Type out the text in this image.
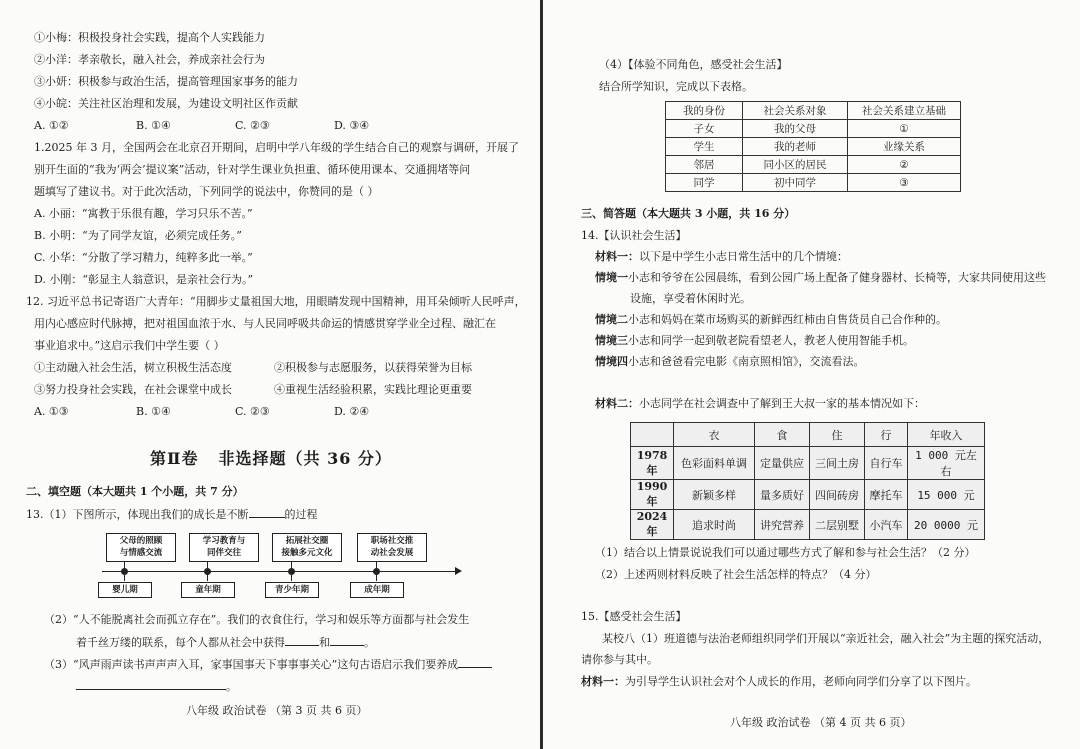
①小梅：积极投身社会实践，提高个人实践能力
②小洋：孝亲敬长，融入社会，养成亲社会行为
③小妍：积极参与政治生活，提高管理国家事务的能力
④小皖：关注社区治理和发展，为建设文明社区作贡献
A. ①②	B. ①④	C. ②③	D. ③④
1.2025 年 3 月，全国两会在北京召开期间，启明中学八年级的学生结合自己的观察与调研，开展了
别开生面的“我为‘两会’提议案”活动，针对学生课业负担重、循环使用课本、交通拥堵等问
题填写了建议书。对于此次活动，下列同学的说法中，你赞同的是（ ）
A. 小丽：“寓教于乐很有趣，学习只乐不苦。”
B. 小明：“为了同学友谊，必须完成任务。”
C. 小华：“分散了学习精力，纯粹多此一举。”
D. 小刚：“彰显主人翁意识，是亲社会行为。”
12. 习近平总书记寄语广大青年：“用脚步丈量祖国大地，用眼睛发现中国精神，用耳朵倾听人民呼声，
用内心感应时代脉搏，把对祖国血浓于水、与人民同呼吸共命运的情感贯穿学业全过程、融汇在
事业追求中。”这启示我们中学生要（ ）
①主动融入社会生活，树立积极生活态度	②积极参与志愿服务，以获得荣誉为目标
③努力投身社会实践，在社会课堂中成长	④重视生活经验积累，实践比理论更重要
A. ①③	B. ①④	C. ②③	D. ②④
第Ⅱ卷 非选择题（共 36 分）
二、填空题（本大题共 1 个小题，共 7 分）
13.（1）下图所示，体现出我们的成长是不断	的过程
父母的照顾
与情感交流
学习教育与
同伴交往
拓展社交圈
接触多元文化
职场社交推
动社会发展
婴儿期	童年期	青少年期	成年期
（2）“人不能脱离社会而孤立存在”。我们的衣食住行，学习和娱乐等方面都与社会发生
着千丝万缕的联系，每个人都从社会中获得	和	。
（3）“风声雨声读书声声声入耳，家事国事天下事事事关心”这句古语启示我们要养成
。
八年级 政治试卷 （第 3 页 共 6 页）
（4）【体验不同角色，感受社会生活】
结合所学知识，完成以下表格。
我的身份	社会关系对象	社会关系建立基础
子女	我的父母	①
学生	我的老师	业缘关系
邻居	同小区的居民	②
同学	初中同学	③
三、简答题（本大题共 3 小题，共 16 分）
14.【认识社会生活】
材料一：以下是中学生小志日常生活中的几个情境：
情境一小志和爷爷在公园晨练，看到公园广场上配备了健身器材、长椅等，大家共同使用这些
设施，享受着休闲时光。
情境二小志和妈妈在菜市场购买的新鲜西红柿由自售货员自己合作种的。
情境三小志和同学一起到敬老院看望老人，教老人使用智能手机。
情境四小志和爸爸看完电影《南京照相馆》，交流看法。
材料二：小志同学在社会调查中了解到王大叔一家的基本情况如下：
	衣	食	住	行	年收入
1978 年	色彩面料单调	定量供应	三间土房	自行车	1 000 元左右
1990 年	新颖多样	量多质好	四间砖房	摩托车	15 000 元
2024 年	追求时尚	讲究营养	二层别墅	小汽车	20 0000 元
（1）结合以上情景说说我们可以通过哪些方式了解和参与社会生活？（2 分）
（2）上述两则材料反映了社会生活怎样的特点？（4 分）
15.【感受社会生活】
某校八（1）班道德与法治老师组织同学们开展以“亲近社会，融入社会”为主题的探究活动，
请你参与其中。
材料一：为引导学生认识社会对个人成长的作用，老师向同学们分享了以下图片。
八年级 政治试卷 （第 4 页 共 6 页）
